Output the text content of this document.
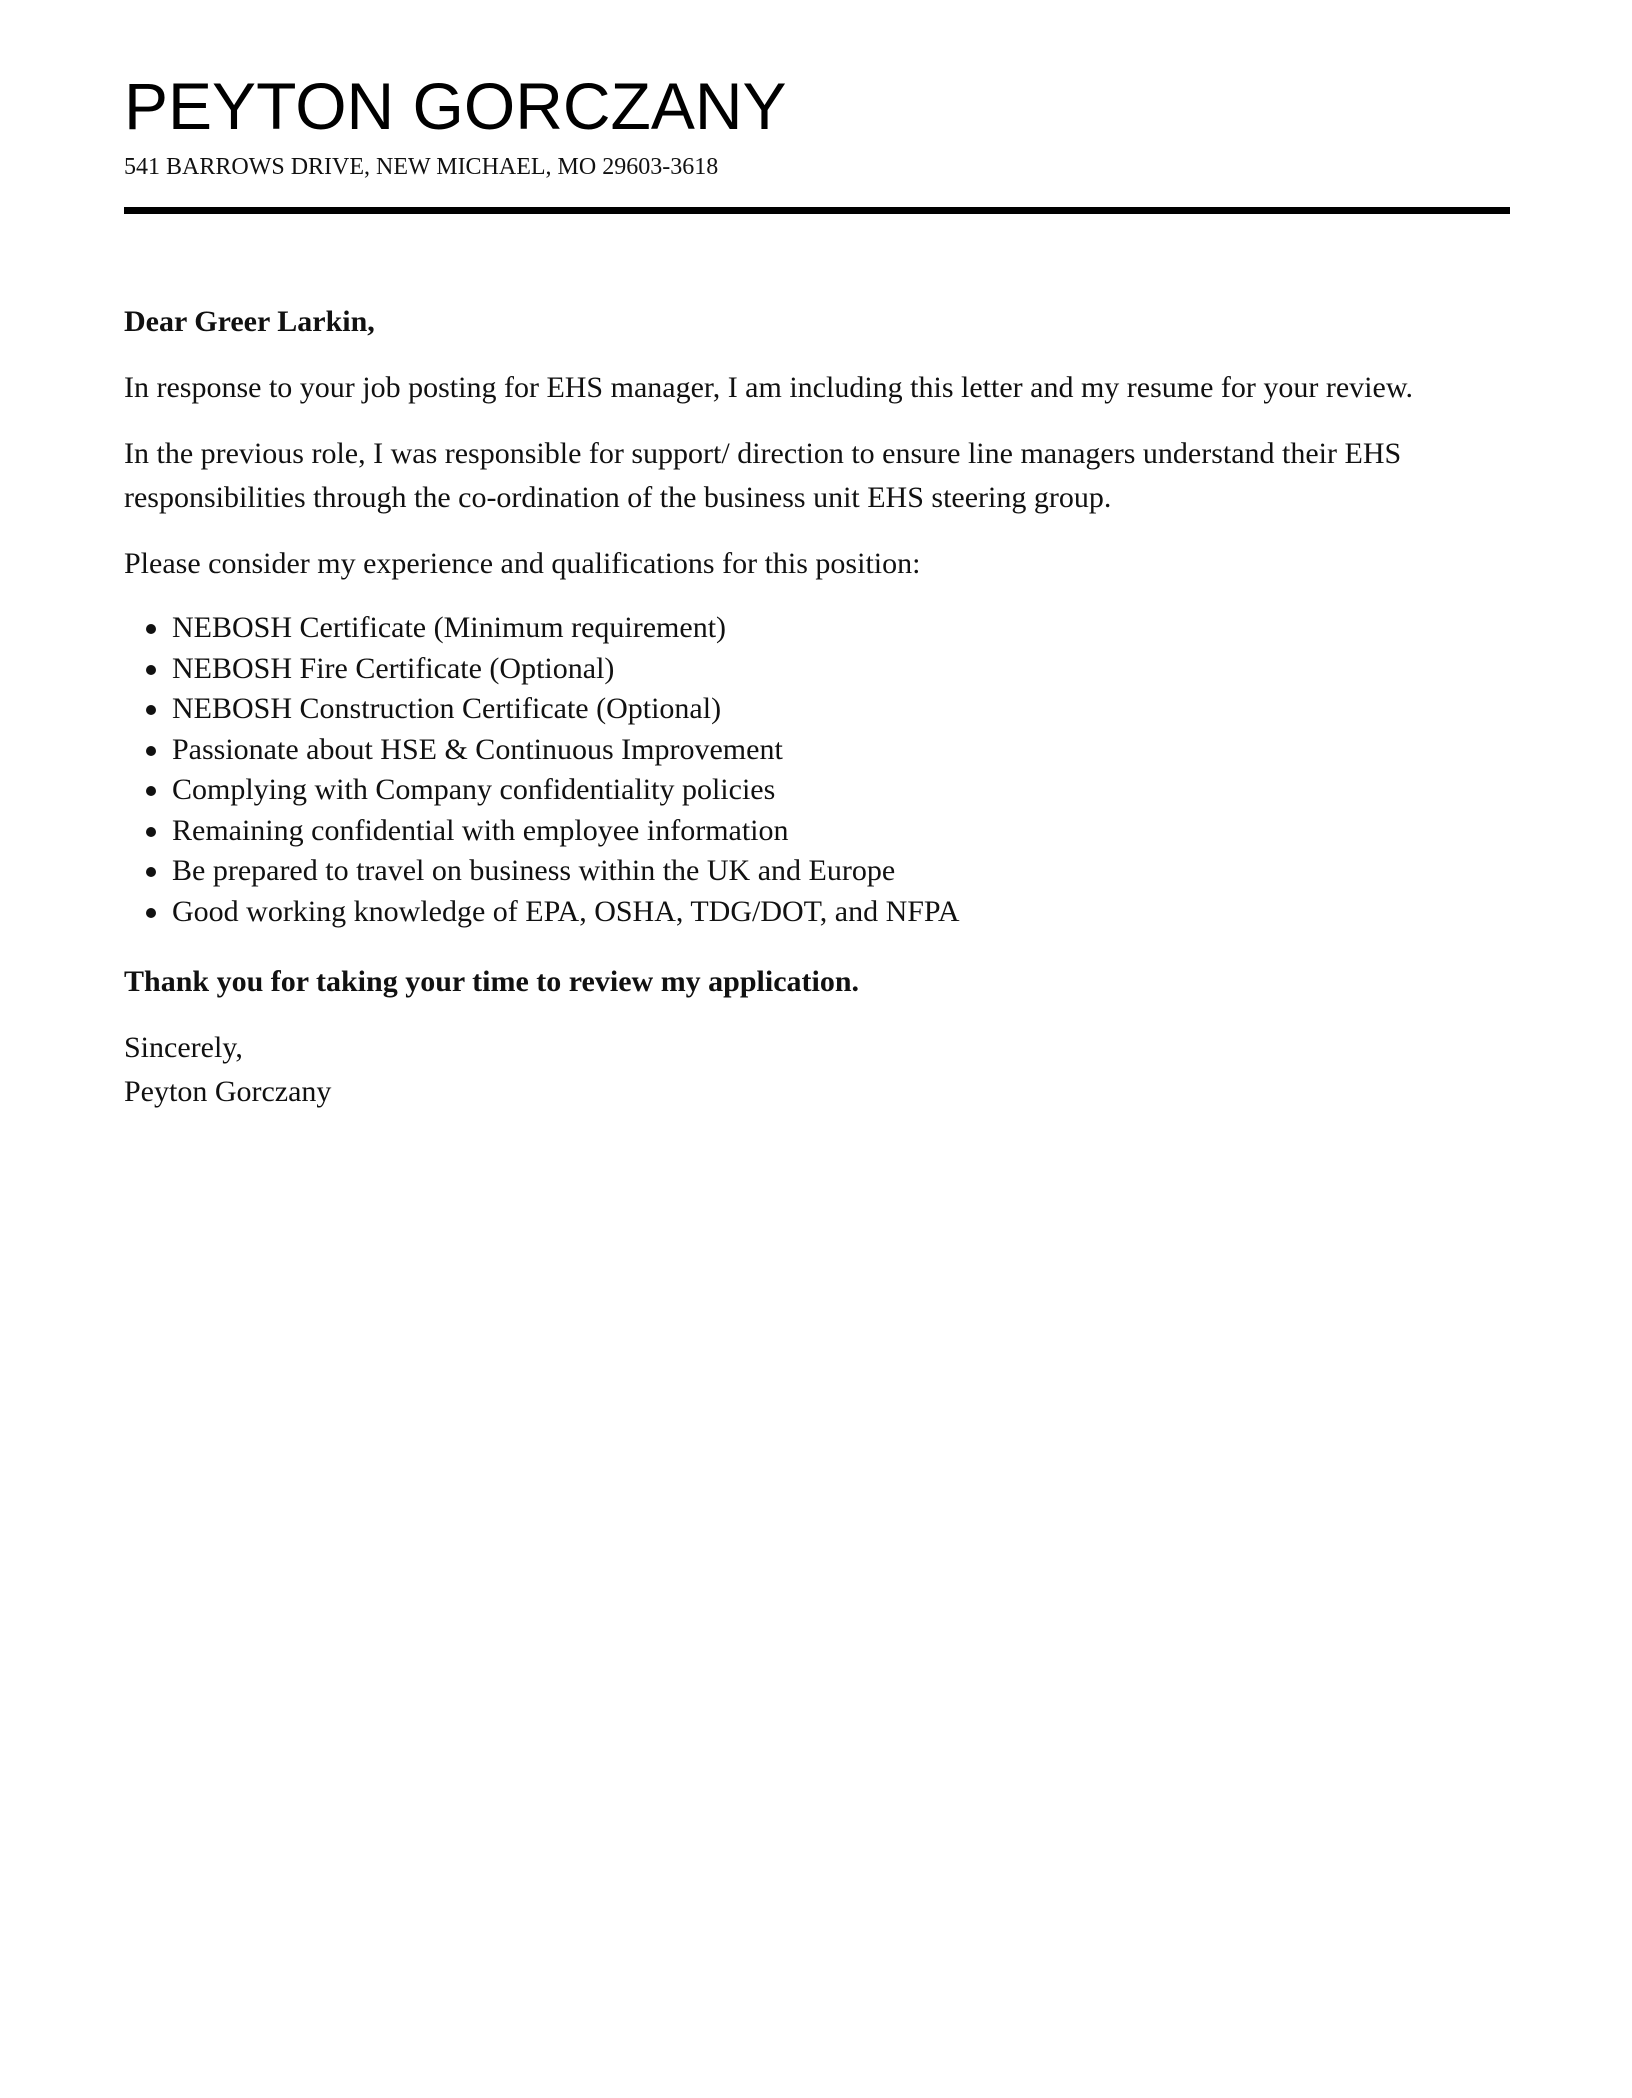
PEYTON GORCZANY
541 BARROWS DRIVE, NEW MICHAEL, MO 29603-3618

Dear Greer Larkin,

In response to your job posting for EHS manager, I am including this letter and my resume for your review.

In the previous role, I was responsible for support/ direction to ensure line managers understand their EHS responsibilities through the co-ordination of the business unit EHS steering group.

Please consider my experience and qualifications for this position:

NEBOSH Certificate (Minimum requirement)
NEBOSH Fire Certificate (Optional)
NEBOSH Construction Certificate (Optional)
Passionate about HSE & Continuous Improvement
Complying with Company confidentiality policies
Remaining confidential with employee information
Be prepared to travel on business within the UK and Europe
Good working knowledge of EPA, OSHA, TDG/DOT, and NFPA

Thank you for taking your time to review my application.

Sincerely,
Peyton Gorczany
